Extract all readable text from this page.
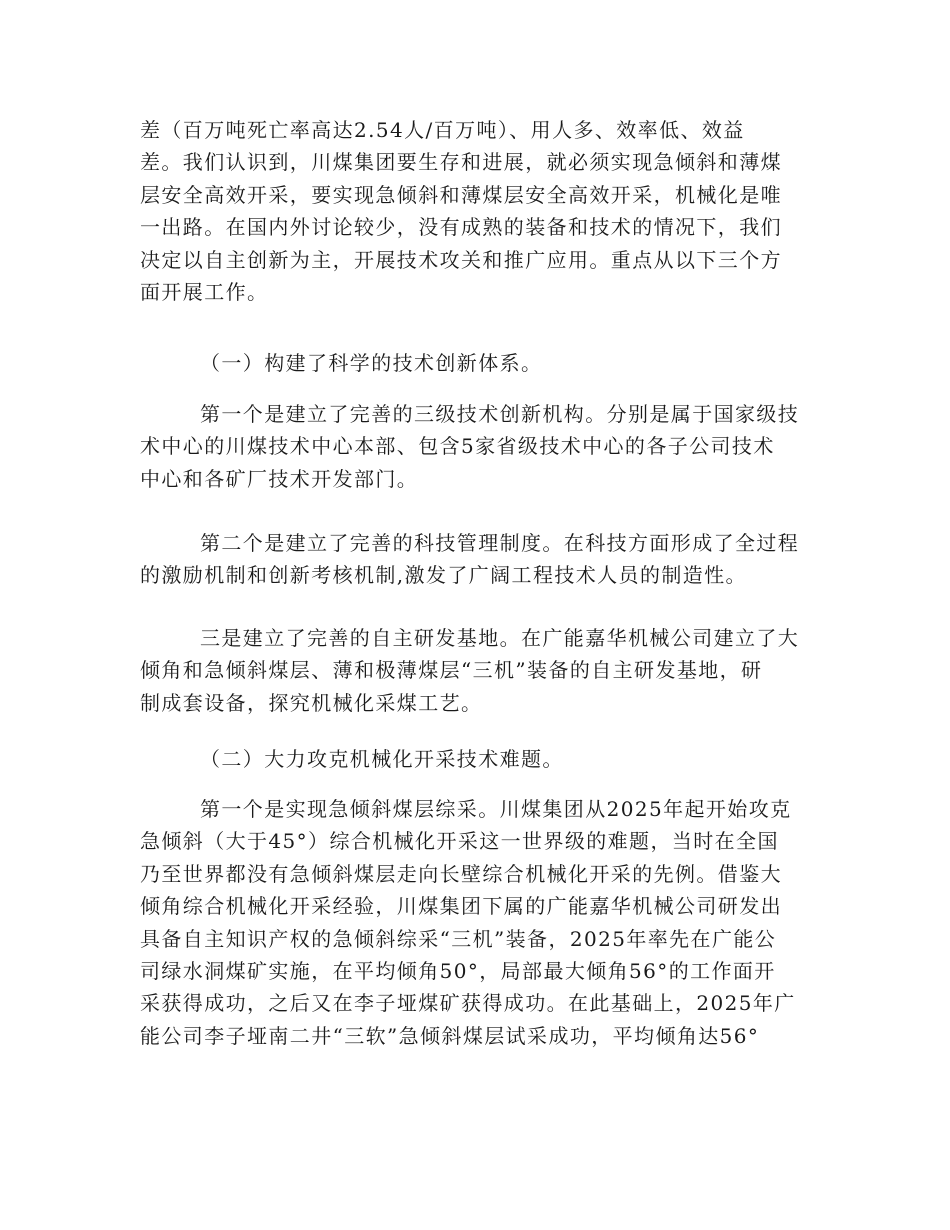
差（百万吨死亡率高达2.54人/百万吨）、用人多、效率低、效益
差。我们认识到，川煤集团要生存和进展，就必须实现急倾斜和薄煤
层安全高效开采，要实现急倾斜和薄煤层安全高效开采，机械化是唯
一出路。在国内外讨论较少，没有成熟的装备和技术的情况下，我们
决定以自主创新为主，开展技术攻关和推广应用。重点从以下三个方
面开展工作。
（一）构建了科学的技术创新体系。
第一个是建立了完善的三级技术创新机构。分别是属于国家级技
术中心的川煤技术中心本部、包含5家省级技术中心的各子公司技术
中心和各矿厂技术开发部门。
第二个是建立了完善的科技管理制度。在科技方面形成了全过程
的激励机制和创新考核机制,激发了广阔工程技术人员的制造性。
三是建立了完善的自主研发基地。在广能嘉华机械公司建立了大
倾角和急倾斜煤层、薄和极薄煤层“三机”装备的自主研发基地，研
制成套设备，探究机械化采煤工艺。
（二）大力攻克机械化开采技术难题。
第一个是实现急倾斜煤层综采。川煤集团从2025年起开始攻克
急倾斜（大于45°）综合机械化开采这一世界级的难题，当时在全国
乃至世界都没有急倾斜煤层走向长壁综合机械化开采的先例。借鉴大
倾角综合机械化开采经验，川煤集团下属的广能嘉华机械公司研发出
具备自主知识产权的急倾斜综采“三机”装备，2025年率先在广能公
司绿水洞煤矿实施，在平均倾角50°，局部最大倾角56°的工作面开
采获得成功，之后又在李子垭煤矿获得成功。在此基础上，2025年广
能公司李子垭南二井“三软”急倾斜煤层试采成功，平均倾角达56°
